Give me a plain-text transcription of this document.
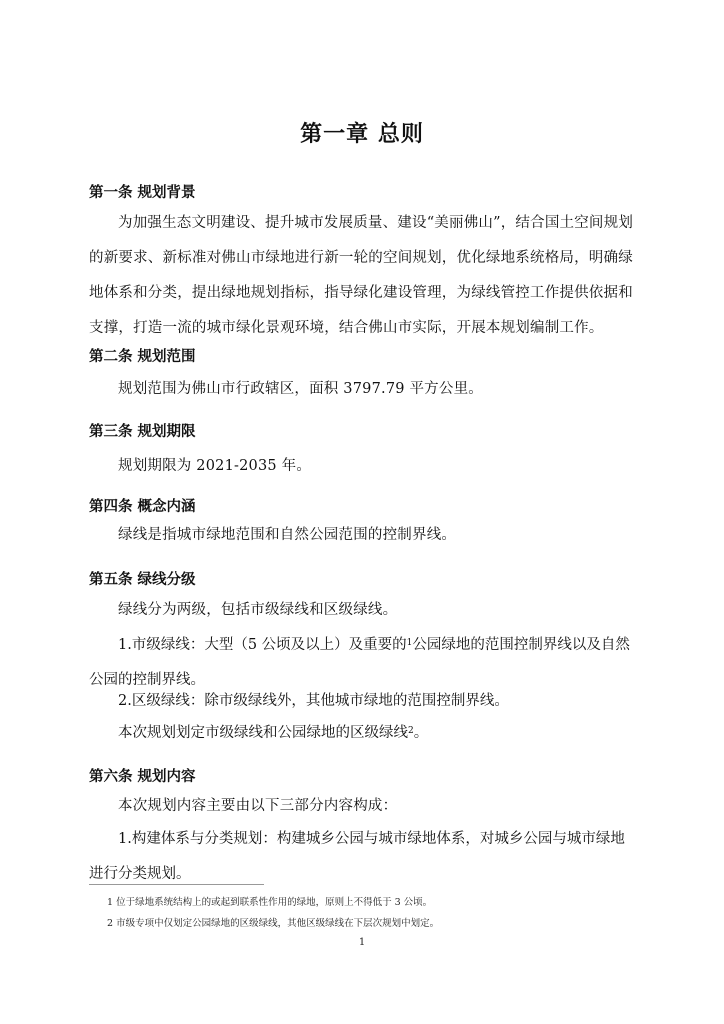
第一章 总则
第一条 规划背景
为加强生态文明建设、提升城市发展质量、建设“美丽佛山”，结合国土空间规划的新要求、新标准对佛山市绿地进行新一轮的空间规划，优化绿地系统格局，明确绿地体系和分类，提出绿地规划指标，指导绿化建设管理，为绿线管控工作提供依据和支撑，打造一流的城市绿化景观环境，结合佛山市实际，开展本规划编制工作。
第二条 规划范围
规划范围为佛山市行政辖区，面积 3797.79 平方公里。
第三条 规划期限
规划期限为 2021-2035 年。
第四条 概念内涵
绿线是指城市绿地范围和自然公园范围的控制界线。
第五条 绿线分级
绿线分为两级，包括市级绿线和区级绿线。
1.市级绿线：大型（5 公顷及以上）及重要的$^1$公园绿地的范围控制界线以及自然公园的控制界线。
2.区级绿线：除市级绿线外，其他城市绿地的范围控制界线。
本次规划划定市级绿线和公园绿地的区级绿线$^2$。
第六条 规划内容
本次规划内容主要由以下三部分内容构成：
1.构建体系与分类规划：构建城乡公园与城市绿地体系，对城乡公园与城市绿地进行分类规划。
1 位于绿地系统结构上的或起到联系性作用的绿地，原则上不得低于 3 公顷。
2 市级专项中仅划定公园绿地的区级绿线，其他区级绿线在下层次规划中划定。
1
